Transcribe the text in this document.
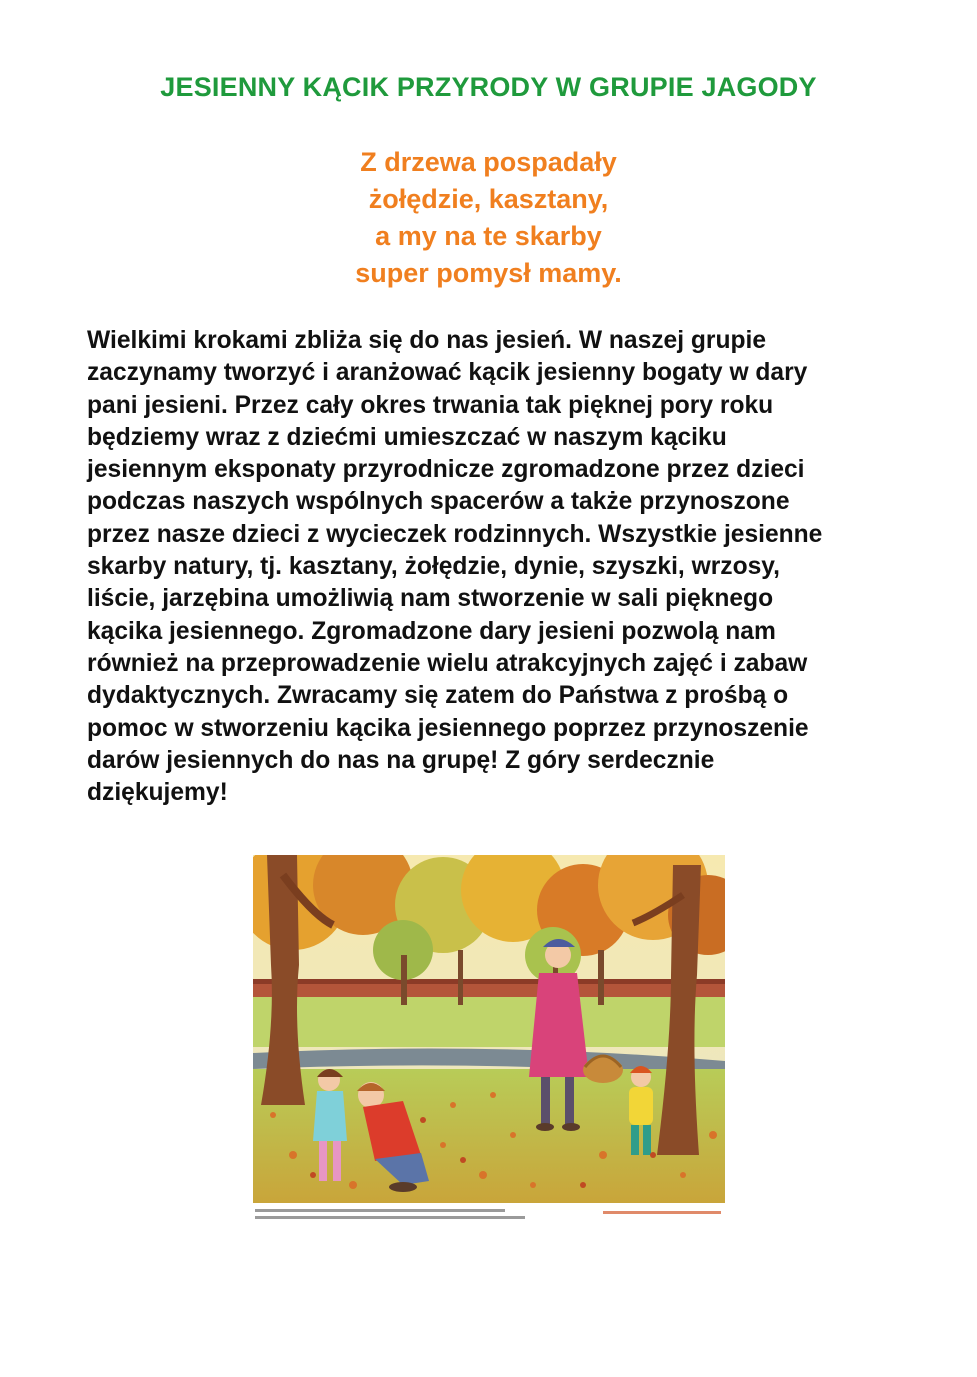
JESIENNY KĄCIK PRZYRODY W GRUPIE JAGODY
Z drzewa pospadały
żołędzie, kasztany,
a my na te skarby
super pomysł mamy.
Wielkimi krokami zbliża się do nas jesień. W naszej grupie
zaczynamy tworzyć i aranżować kącik jesienny bogaty w dary
pani jesieni. Przez cały okres trwania tak pięknej pory roku
będziemy wraz z dziećmi umieszczać w naszym kąciku
jesiennym eksponaty przyrodnicze zgromadzone przez dzieci
podczas naszych wspólnych spacerów a także przynoszone
przez nasze dzieci z wycieczek rodzinnych. Wszystkie jesienne
skarby natury, tj. kasztany, żołędzie, dynie, szyszki, wrzosy,
liście, jarzębina umożliwią nam stworzenie w sali pięknego
kącika jesiennego. Zgromadzone dary jesieni pozwolą nam
również na przeprowadzenie wielu atrakcyjnych zajęć i zabaw
dydaktycznych. Zwracamy się zatem do Państwa z prośbą o
pomoc w stworzeniu kącika jesiennego poprzez przynoszenie
darów jesiennych do nas na grupę! Z góry serdecznie
dziękujemy!
